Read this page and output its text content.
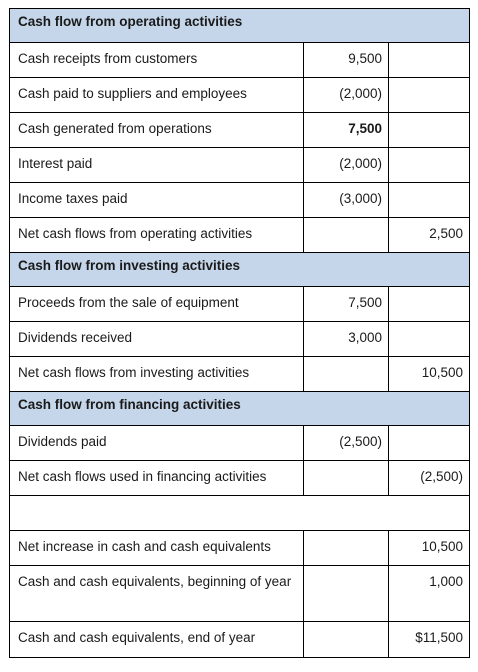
Cash flow from operating activities		
Cash receipts from customers	9,500	
Cash paid to suppliers and employees	(2,000)	
Cash generated from operations	7,500	
Interest paid	(2,000)	
Income taxes paid	(3,000)	
Net cash flows from operating activities		2,500
Cash flow from investing activities		
Proceeds from the sale of equipment	7,500	
Dividends received	3,000	
Net cash flows from investing activities		10,500
Cash flow from financing activities		
Dividends paid	(2,500)	
Net cash flows used in financing activities		(2,500)

Net increase in cash and cash equivalents		10,500
Cash and cash equivalents, beginning of year		1,000
Cash and cash equivalents, end of year		$11,500
